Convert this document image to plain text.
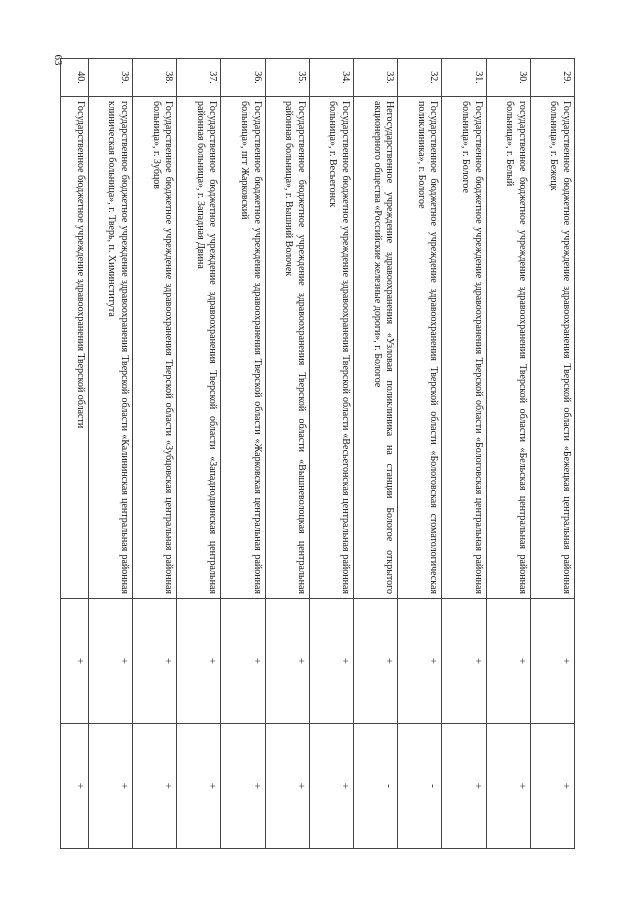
63
29.	Государственное бюджетное учреждение здравоохранения Тверской области «Бежецкая центральная районная больница», г. Бежецк	+	+
30.	государственное бюджетное учреждение здравоохранения Тверской области «Бельская центральная районная больница», г. Белый	+	+
31.	Государственное бюджетное учреждение здравоохранения Тверской области «Бологовская центральная районная больница», г. Бологое	+	+
32.	Государственное бюджетное учреждение здравоохранения Тверской области «Бологовская стоматологическая поликлиника», г. Бологое	+	-
33.	Негосударственное учреждение здравоохранения «Узловая поликлиника на станции Бологое открытого акционерного общества «Российские железные дороги», г. Бологое	+	-
34.	Государственное бюджетное учреждение здравоохранения Тверской области «Весьегонская центральная районная больница», г. Весьегонск	+	+
35.	Государственное бюджетное учреждение здравоохранения Тверской области «Вышневолоцкая центральная районная больница», г. Вышний Волочек	+	+
36.	Государственное бюджетное учреждение здравоохранения Тверской области «Жарковская центральная районная больница», пгт Жарковский	+	+
37.	Государственное бюджетное учреждение здравоохранения Тверской области «Западнодвинская центральная районная больница», г. Западная Двина	+	+
38.	Государственное бюджетное учреждение здравоохранения Тверской области «Зубцовская центральная районная больница», г. Зубцов	+	+
39.	государственное бюджетное учреждение здравоохранения Тверской области «Калининская центральная районная клиническая больница», г. Тверь, п. Химинститута	+	+
40.	Государственное бюджетное учреждение здравоохранения Тверской области	+	+
